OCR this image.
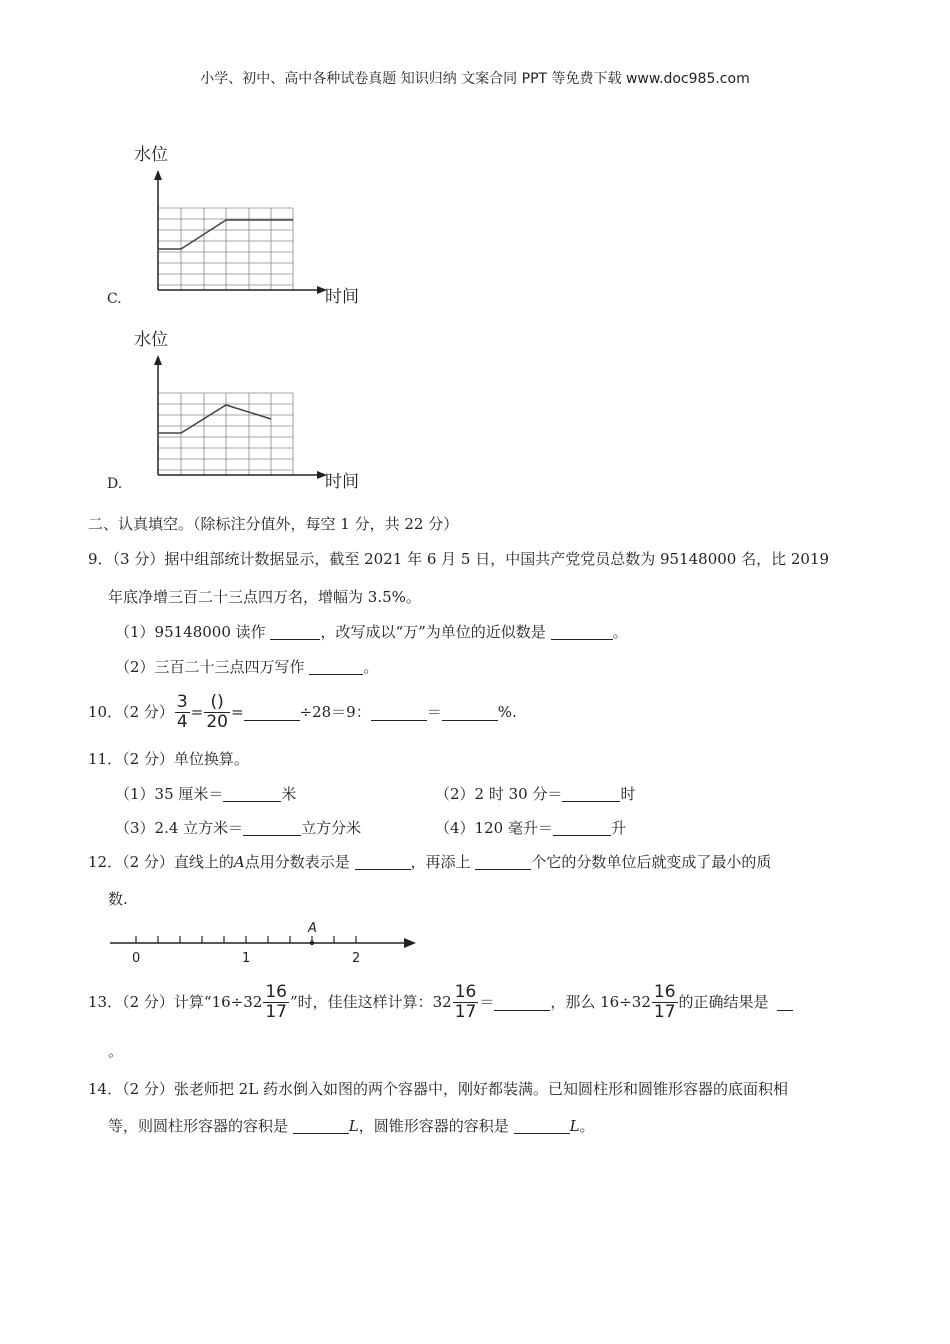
小学、初中、高中各种试卷真题 知识归纳 文案合同 PPT 等免费下载 www.doc985.com
水位
时间
C.
水位
时间
D.
二、认真填空。（除标注分值外，每空 1 分，共 22 分）
9．（3 分）据中组部统计数据显示，截至 2021 年 6 月 5 日，中国共产党党员总数为 95148000 名，比 2019
年底净增三百二十三点四万名，增幅为 3.5%。
（1）95148000 读作	，改写成以“万”为单位的近似数是	。
（2）三百二十三点四万写作	。
10．（2 分） $\frac{3}{4} = \frac{()}{20}$ =	÷28＝9：	＝	%.
11．（2 分）单位换算。
（1）35 厘米＝	米	（2）2 时 30 分＝	时
（3）2.4 立方米＝	立方分米	（4）120 毫升＝	升
12．（2 分）直线上的A点用分数表示是	，再添上	个它的分数单位后就变成了最小的质
数.
A
0	1	2
13．（2 分）计算“$16\div 32 \frac{16}{17}$ ”时，佳佳这样计算：$32 \frac{16}{17}$ ＝	，那么 $16\div 32 \frac{16}{17}$ 的正确结果是
。
14．（2 分）张老师把 2L 药水倒入如图的两个容器中，刚好都装满。已知圆柱形和圆锥形容器的底面积相
等，则圆柱形容器的容积是	L，圆锥形容器的容积是	L。
